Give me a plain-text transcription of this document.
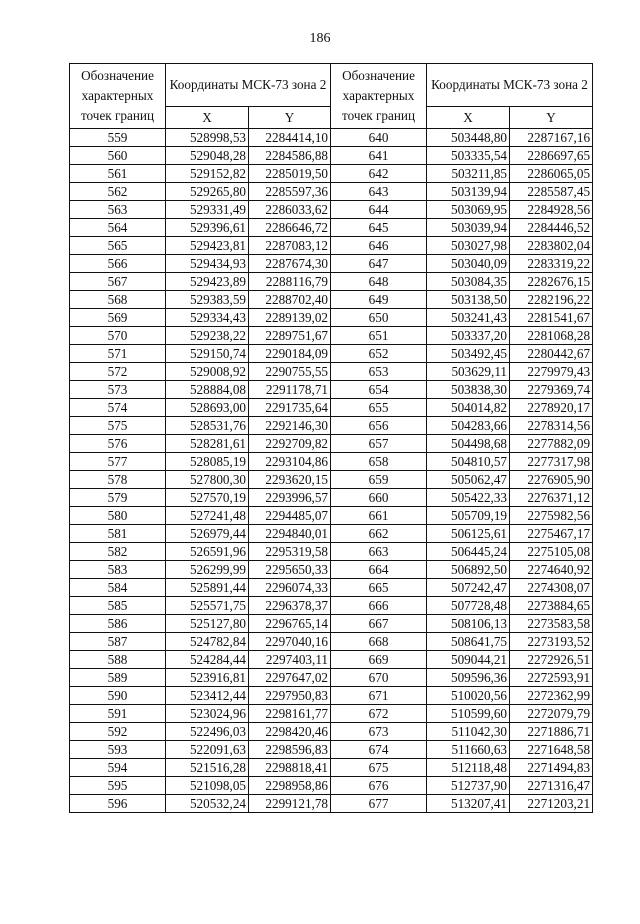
186
Обозначение характерных точек границ	Координаты МСК-73 зона 2		Обозначение характерных точек границ	Координаты МСК-73 зона 2	
	X	Y		X	Y
559	528998,53	2284414,10	640	503448,80	2287167,16
560	529048,28	2284586,88	641	503335,54	2286697,65
561	529152,82	2285019,50	642	503211,85	2286065,05
562	529265,80	2285597,36	643	503139,94	2285587,45
563	529331,49	2286033,62	644	503069,95	2284928,56
564	529396,61	2286646,72	645	503039,94	2284446,52
565	529423,81	2287083,12	646	503027,98	2283802,04
566	529434,93	2287674,30	647	503040,09	2283319,22
567	529423,89	2288116,79	648	503084,35	2282676,15
568	529383,59	2288702,40	649	503138,50	2282196,22
569	529334,43	2289139,02	650	503241,43	2281541,67
570	529238,22	2289751,67	651	503337,20	2281068,28
571	529150,74	2290184,09	652	503492,45	2280442,67
572	529008,92	2290755,55	653	503629,11	2279979,43
573	528884,08	2291178,71	654	503838,30	2279369,74
574	528693,00	2291735,64	655	504014,82	2278920,17
575	528531,76	2292146,30	656	504283,66	2278314,56
576	528281,61	2292709,82	657	504498,68	2277882,09
577	528085,19	2293104,86	658	504810,57	2277317,98
578	527800,30	2293620,15	659	505062,47	2276905,90
579	527570,19	2293996,57	660	505422,33	2276371,12
580	527241,48	2294485,07	661	505709,19	2275982,56
581	526979,44	2294840,01	662	506125,61	2275467,17
582	526591,96	2295319,58	663	506445,24	2275105,08
583	526299,99	2295650,33	664	506892,50	2274640,92
584	525891,44	2296074,33	665	507242,47	2274308,07
585	525571,75	2296378,37	666	507728,48	2273884,65
586	525127,80	2296765,14	667	508106,13	2273583,58
587	524782,84	2297040,16	668	508641,75	2273193,52
588	524284,44	2297403,11	669	509044,21	2272926,51
589	523916,81	2297647,02	670	509596,36	2272593,91
590	523412,44	2297950,83	671	510020,56	2272362,99
591	523024,96	2298161,77	672	510599,60	2272079,79
592	522496,03	2298420,46	673	511042,30	2271886,71
593	522091,63	2298596,83	674	511660,63	2271648,58
594	521516,28	2298818,41	675	512118,48	2271494,83
595	521098,05	2298958,86	676	512737,90	2271316,47
596	520532,24	2299121,78	677	513207,41	2271203,21
